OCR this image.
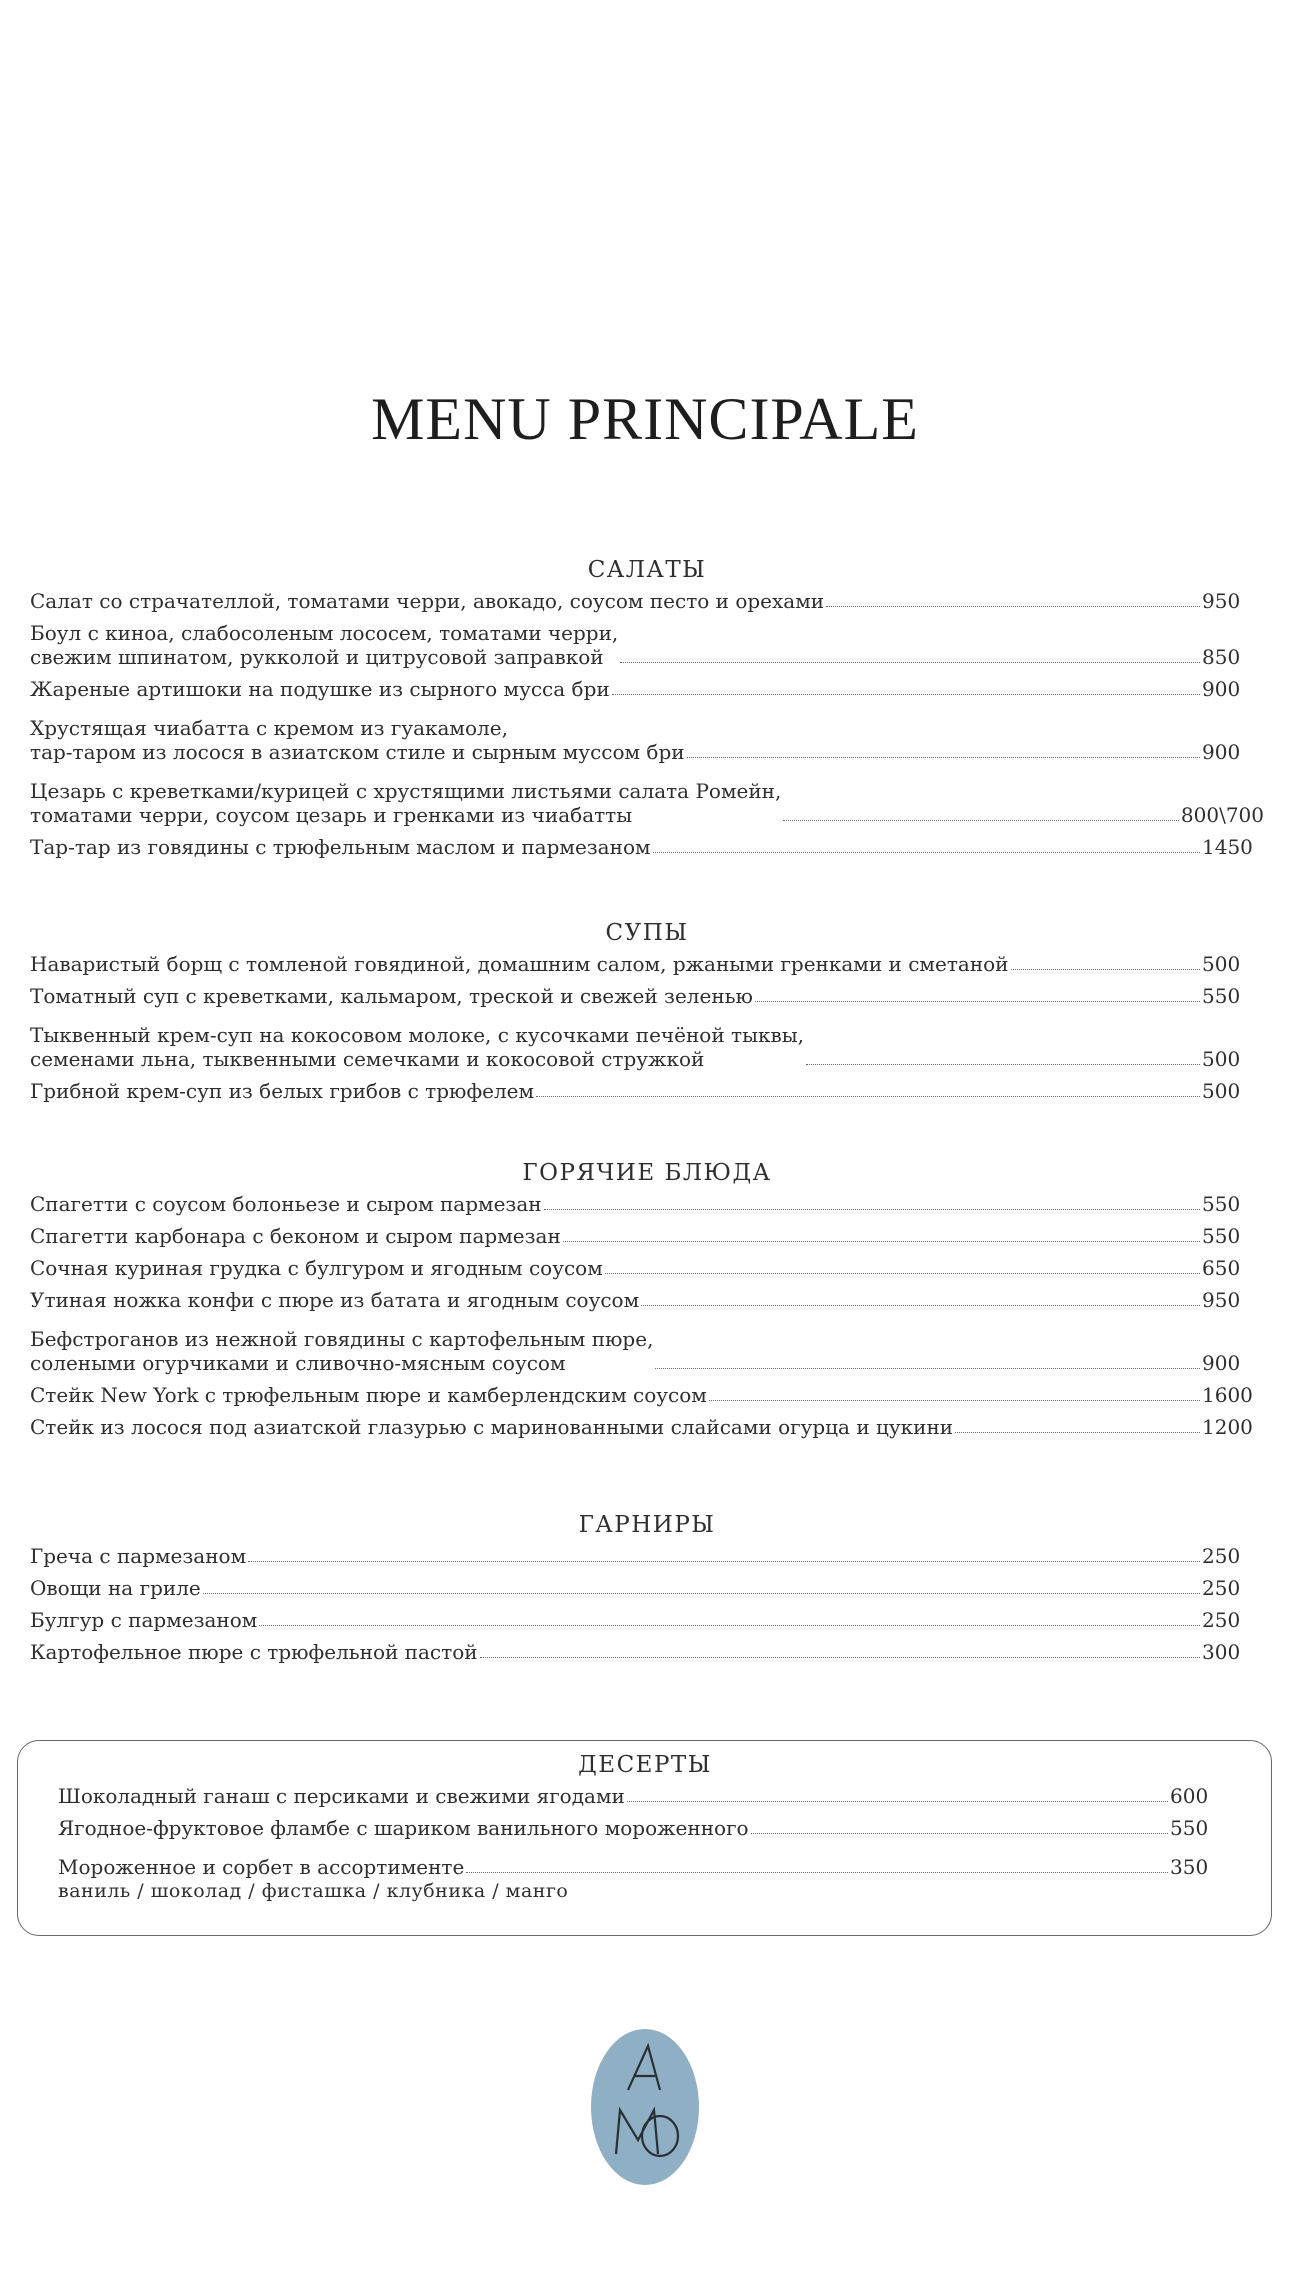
MENU PRINCIPALE
САЛАТЫ
Салат со страчателлой, томатами черри, авокадо, соусом песто и орехами	950
Боул с киноа, слабосоленым лососем, томатами черри,
свежим шпинатом, рукколой и цитрусовой заправкой	850
Жареные артишоки на подушке из сырного мусса бри	900
Хрустящая чиабатта с кремом из гуакамоле,
тар-таром из лосося в азиатском стиле и сырным муссом бри	900
Цезарь с креветками/курицей с хрустящими листьями салата Ромейн,
томатами черри, соусом цезарь и гренками из чиабатты	800\700
Тар-тар из говядины с трюфельным маслом и пармезаном	1450
СУПЫ
Наваристый борщ с томленой говядиной, домашним салом, ржаными гренками и сметаной	500
Томатный суп с креветками, кальмаром, треской и свежей зеленью	550
Тыквенный крем-суп на кокосовом молоке, с кусочками печёной тыквы,
семенами льна, тыквенными семечками и кокосовой стружкой	500
Грибной крем-суп из белых грибов с трюфелем	500
ГОРЯЧИЕ БЛЮДА
Спагетти с соусом болоньезе и сыром пармезан	550
Спагетти карбонара с беконом и сыром пармезан	550
Сочная куриная грудка с булгуром и ягодным соусом	650
Утиная ножка конфи с пюре из батата и ягодным соусом	950
Бефстроганов из нежной говядины с картофельным пюре,
солеными огурчиками и сливочно-мясным соусом	900
Стейк New York с трюфельным пюре и камберлендским соусом	1600
Стейк из лосося под азиатской глазурью с маринованными слайсами огурца и цукини	1200
ГАРНИРЫ
Греча с пармезаном	250
Овощи на гриле	250
Булгур с пармезаном	250
Картофельное пюре с трюфельной пастой	300
ДЕСЕРТЫ
Шоколадный ганаш с персиками и свежими ягодами	600
Ягодное-фруктовое фламбе с шариком ванильного мороженного	550
Мороженное и сорбет в ассортименте	350
ваниль / шоколад / фисташка / клубника / манго
